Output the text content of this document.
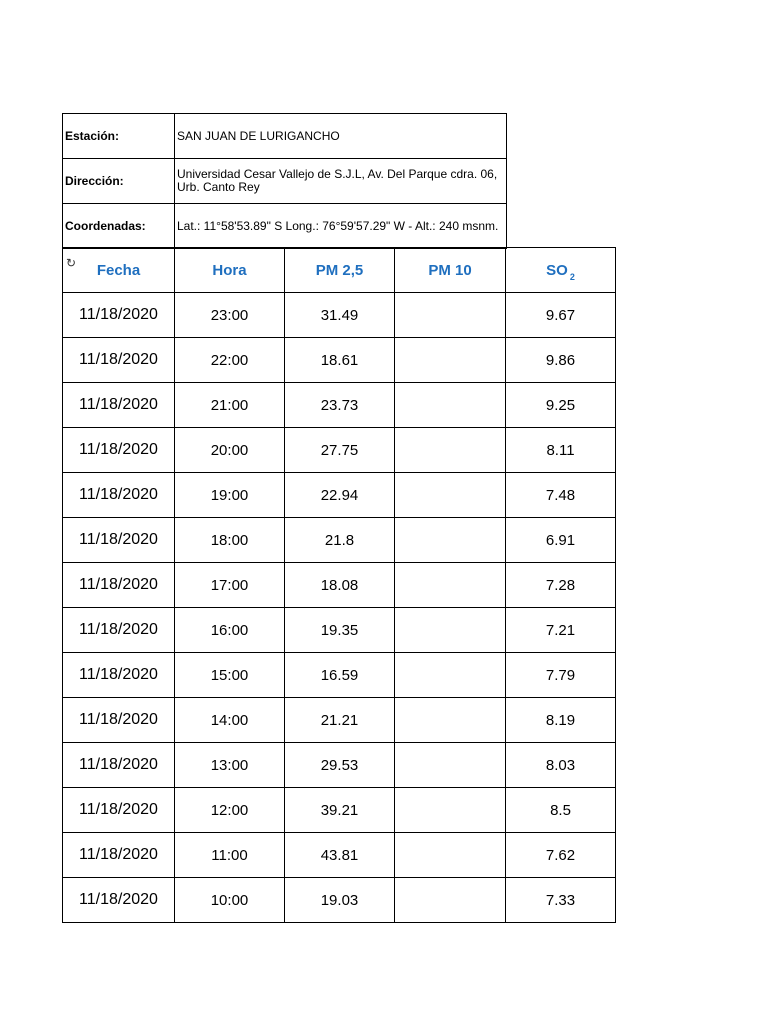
Estación:	SAN JUAN DE LURIGANCHO
Dirección:	Universidad Cesar Vallejo de S.J.L, Av. Del Parque cdra. 06, Urb. Canto Rey
Coordenadas:	Lat.: 11°58'53.89" S Long.: 76°59'57.29" W - Alt.: 240 msnm.
↻ Fecha	Hora	PM 2,5	PM 10	SO $_2$
11/18/2020	23:00	31.49		9.67
11/18/2020	22:00	18.61		9.86
11/18/2020	21:00	23.73		9.25
11/18/2020	20:00	27.75		8.11
11/18/2020	19:00	22.94		7.48
11/18/2020	18:00	21.8		6.91
11/18/2020	17:00	18.08		7.28
11/18/2020	16:00	19.35		7.21
11/18/2020	15:00	16.59		7.79
11/18/2020	14:00	21.21		8.19
11/18/2020	13:00	29.53		8.03
11/18/2020	12:00	39.21		8.5
11/18/2020	11:00	43.81		7.62
11/18/2020	10:00	19.03		7.33
